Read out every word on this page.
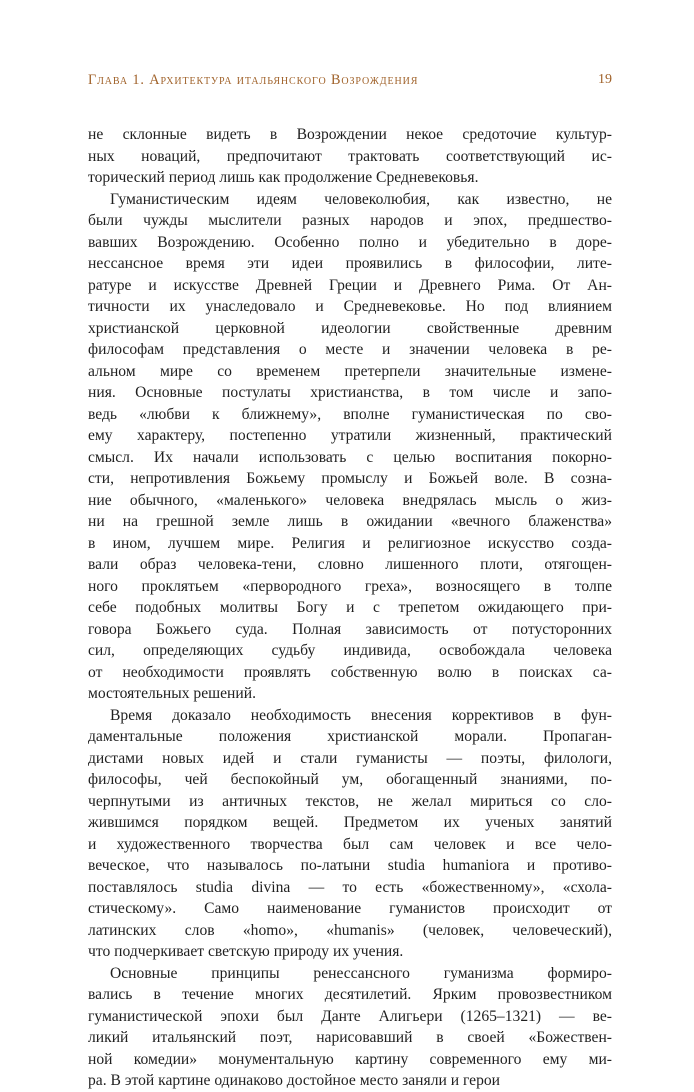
Глава 1. Архитектура итальянского Возрождения	19

не склонные видеть в Возрождении некое средоточие культур-
ных новаций, предпочитают трактовать соответствующий ис-
торический период лишь как продолжение Средневековья.

Гуманистическим идеям человеколюбия, как известно, не
были чужды мыслители разных народов и эпох, предшество-
вавших Возрождению. Особенно полно и убедительно в доре-
нессансное время эти идеи проявились в философии, лите-
ратуре и искусстве Древней Греции и Древнего Рима. От Ан-
тичности их унаследовало и Средневековье. Но под влиянием
христианской церковной идеологии свойственные древним
философам представления о месте и значении человека в ре-
альном мире со временем претерпели значительные измене-
ния. Основные постулаты христианства, в том числе и запо-
ведь «любви к ближнему», вполне гуманистическая по сво-
ему характеру, постепенно утратили жизненный, практический
смысл. Их начали использовать с целью воспитания покорно-
сти, непротивления Божьему промыслу и Божьей воле. В созна-
ние обычного, «маленького» человека внедрялась мысль о жиз-
ни на грешной земле лишь в ожидании «вечного блаженства»
в ином, лучшем мире. Религия и религиозное искусство созда-
вали образ человека-тени, словно лишенного плоти, отягощен-
ного проклятьем «первородного греха», возносящего в толпе
себе подобных молитвы Богу и с трепетом ожидающего при-
говора Божьего суда. Полная зависимость от потусторонних
сил, определяющих судьбу индивида, освобождала человека
от необходимости проявлять собственную волю в поисках са-
мостоятельных решений.

Время доказало необходимость внесения коррективов в фун-
даментальные положения христианской морали. Пропаган-
дистами новых идей и стали гуманисты — поэты, филологи,
философы, чей беспокойный ум, обогащенный знаниями, по-
черпнутыми из античных текстов, не желал мириться со сло-
жившимся порядком вещей. Предметом их ученых занятий
и художественного творчества был сам человек и все чело-
веческое, что называлось по-латыни studia humaniora и противо-
поставлялось studia divina — то есть «божественному», «схола-
стическому». Само наименование гуманистов происходит от
латинских слов «homo», «humanis» (человек, человеческий),
что подчеркивает светскую природу их учения.

Основные принципы ренессансного гуманизма формиро-
вались в течение многих десятилетий. Ярким провозвестником
гуманистической эпохи был Данте Алигьери (1265–1321) — ве-
ликий итальянский поэт, нарисовавший в своей «Божествен-
ной комедии» монументальную картину современного ему ми-
ра. В этой картине одинаково достойное место заняли и герои
